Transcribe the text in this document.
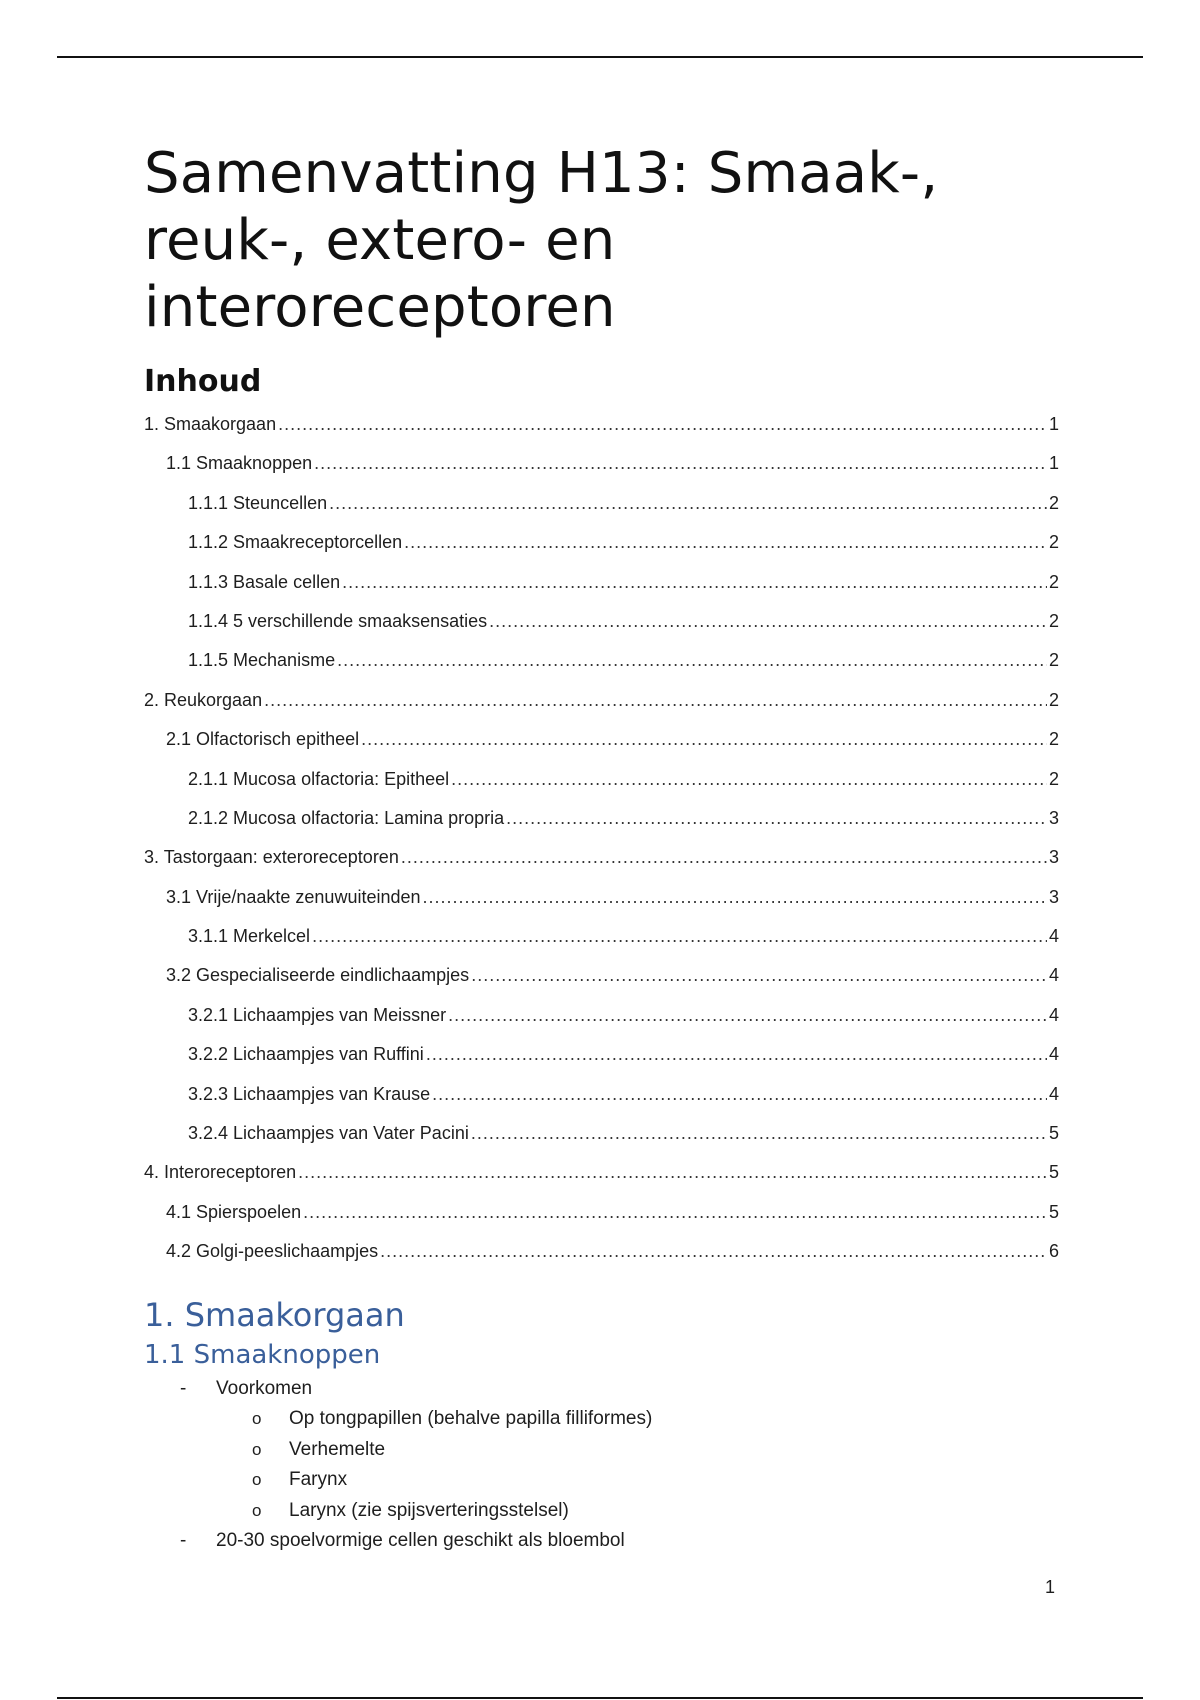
Samenvatting H13: Smaak-, reuk-, extero- en interoreceptoren
Inhoud
1. Smaakorgaan .....	1
1.1 Smaaknoppen .....	1
1.1.1 Steuncellen .....	2
1.1.2 Smaakreceptorcellen .....	2
1.1.3 Basale cellen .....	2
1.1.4 5 verschillende smaaksensaties .....	2
1.1.5 Mechanisme .....	2
2. Reukorgaan .....	2
2.1 Olfactorisch epitheel .....	2
2.1.1 Mucosa olfactoria: Epitheel .....	2
2.1.2 Mucosa olfactoria: Lamina propria .....	3
3. Tastorgaan: exteroreceptoren .....	3
3.1 Vrije/naakte zenuwuiteinden .....	3
3.1.1 Merkelcel .....	4
3.2 Gespecialiseerde eindlichaampjes .....	4
3.2.1 Lichaampjes van Meissner .....	4
3.2.2 Lichaampjes van Ruffini .....	4
3.2.3 Lichaampjes van Krause .....	4
3.2.4 Lichaampjes van Vater Pacini .....	5
4. Interoreceptoren .....	5
4.1 Spierspoelen .....	5
4.2 Golgi-peeslichaampjes .....	6
1. Smaakorgaan
1.1 Smaaknoppen
- Voorkomen
o Op tongpapillen (behalve papilla filliformes)
o Verhemelte
o Farynx
o Larynx (zie spijsverteringsstelsel)
- 20-30 spoelvormige cellen geschikt als bloembol
1
